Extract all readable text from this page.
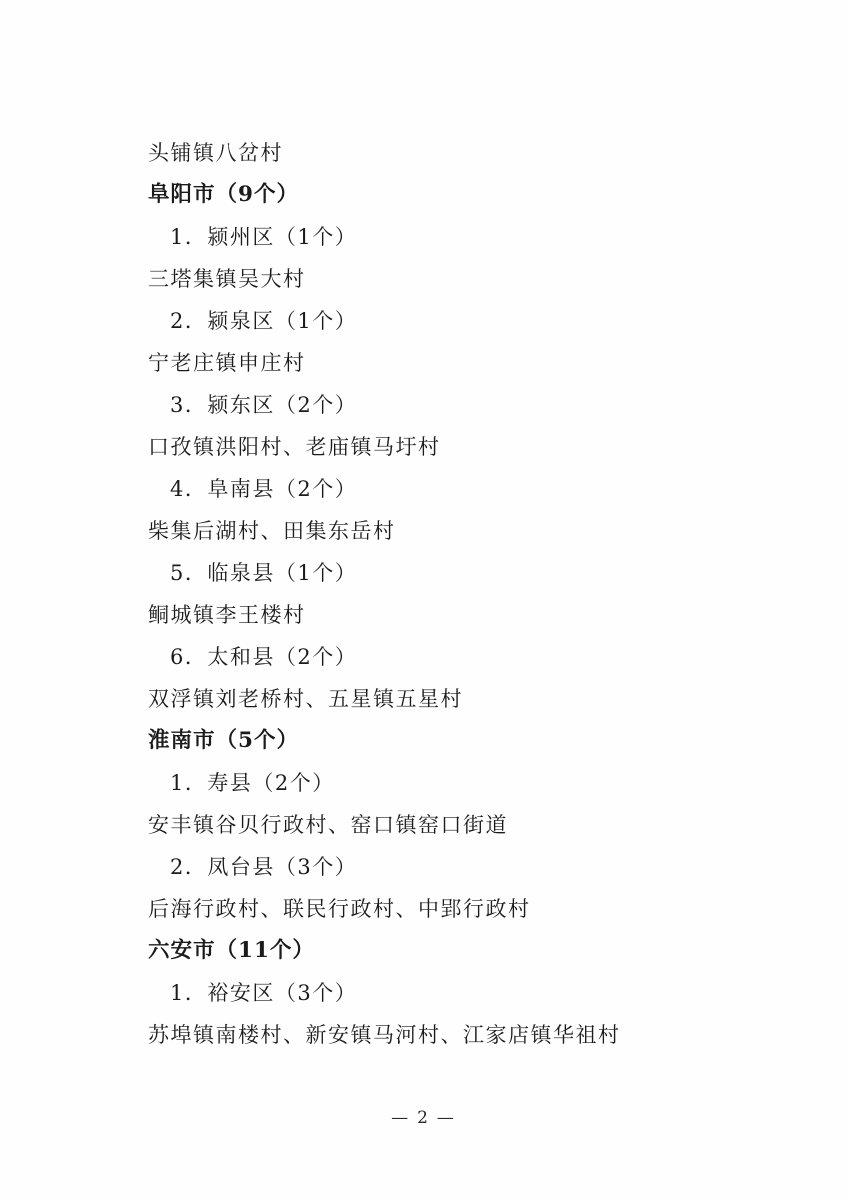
头铺镇八岔村
阜阳市（9个）
1．颍州区（1个）
三塔集镇吴大村
2．颍泉区（1个）
宁老庄镇申庄村
3．颍东区（2个）
口孜镇洪阳村、老庙镇马圩村
4．阜南县（2个）
柴集后湖村、田集东岳村
5．临泉县（1个）
鲖城镇李王楼村
6．太和县（2个）
双浮镇刘老桥村、五星镇五星村
淮南市（5个）
1．寿县（2个）
安丰镇谷贝行政村、窑口镇窑口街道
2．凤台县（3个）
后海行政村、联民行政村、中郢行政村
六安市（11个）
1．裕安区（3个）
苏埠镇南楼村、新安镇马河村、江家店镇华祖村
— 2 —
